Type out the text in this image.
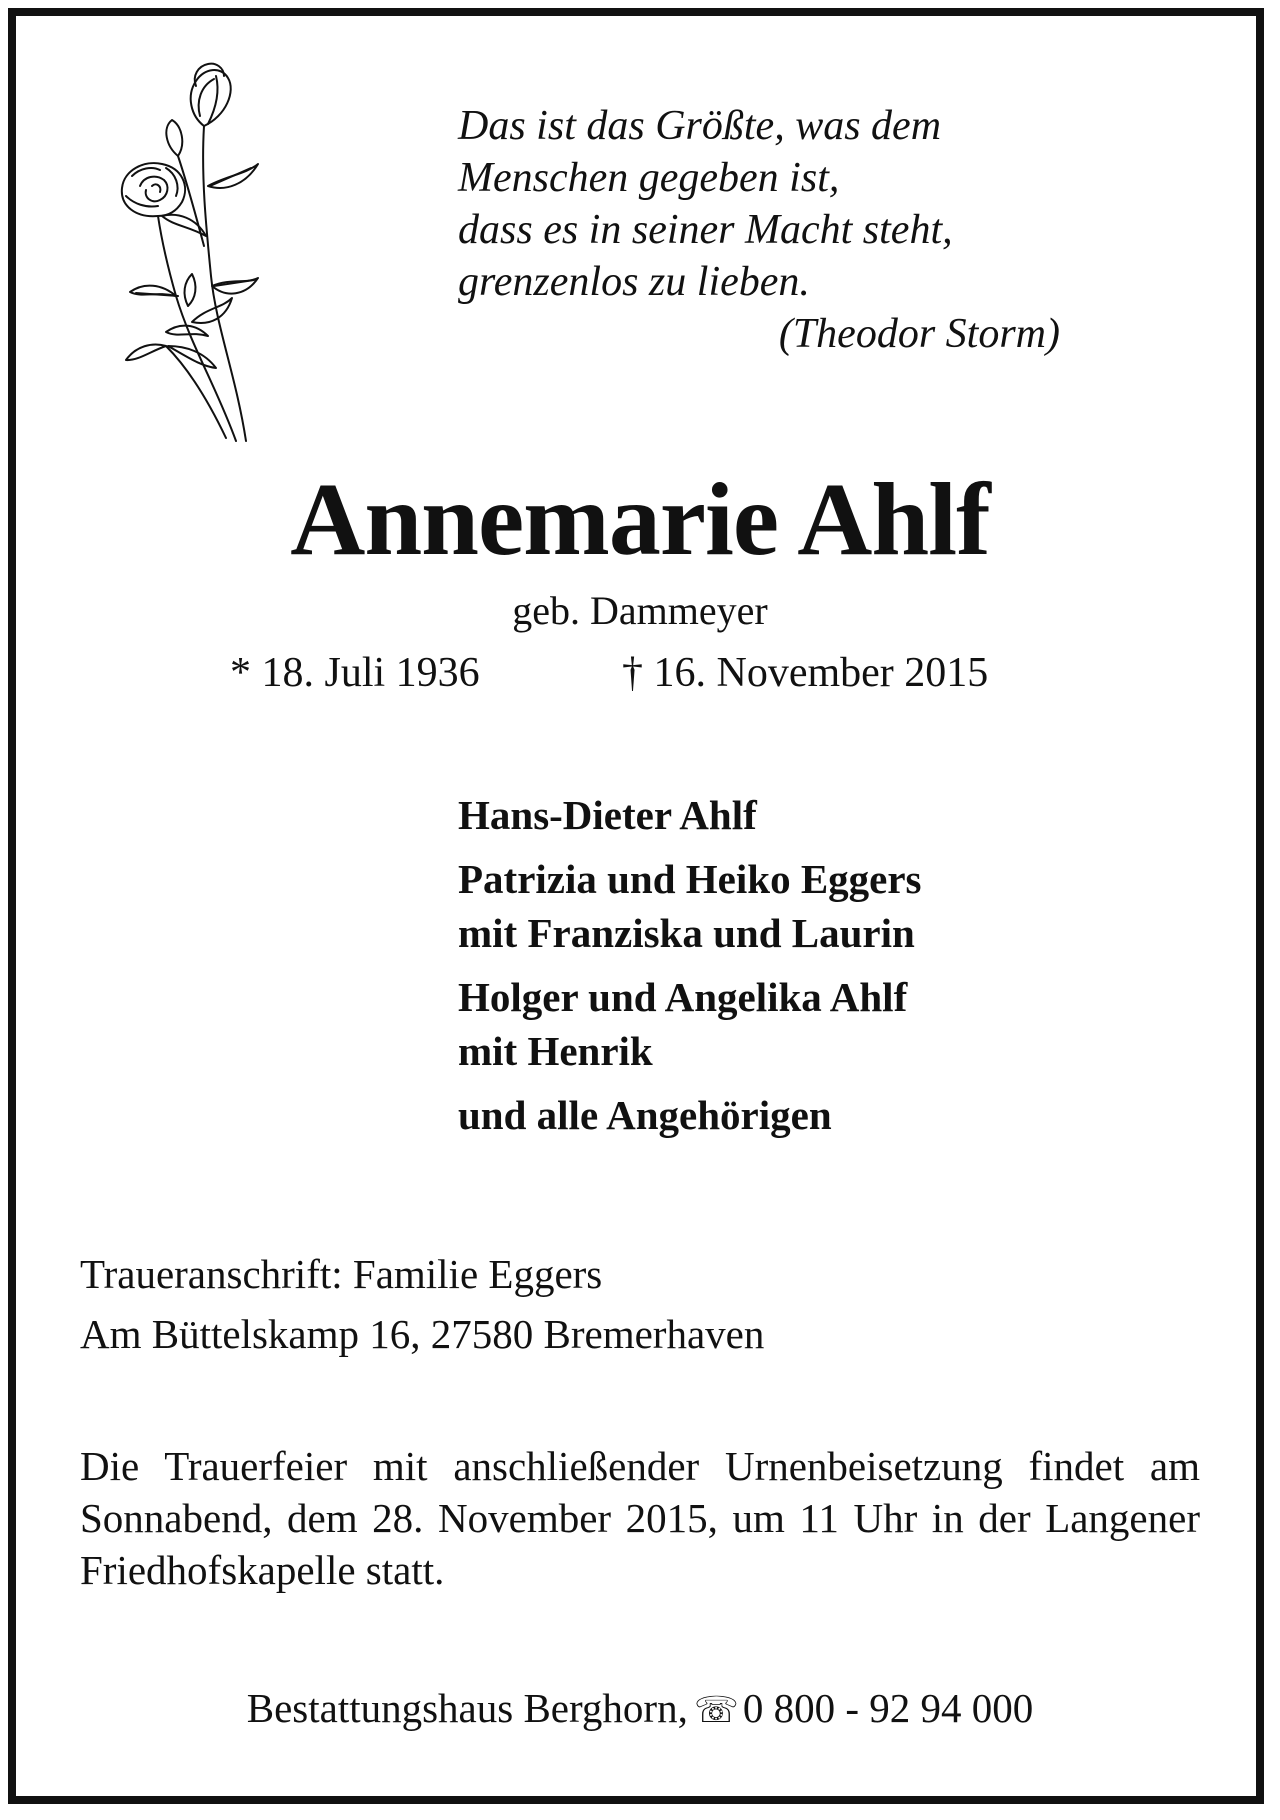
Das ist das Größte, was dem
Menschen gegeben ist,
dass es in seiner Macht steht,
grenzenlos zu lieben.
(Theodor Storm)
Annemarie Ahlf
geb. Dammeyer
* 18. Juli 1936	† 16. November 2015
Hans-Dieter Ahlf
Patrizia und Heiko Eggers
mit Franziska und Laurin
Holger und Angelika Ahlf
mit Henrik
und alle Angehörigen
Traueranschrift: Familie Eggers
Am Büttelskamp 16, 27580 Bremerhaven
Die Trauerfeier mit anschließender Urnenbeisetzung findet am Sonnabend, dem 28. November 2015, um 11 Uhr in der Langener Friedhofskapelle statt.
Bestattungshaus Berghorn, ☏0 800 - 92 94 000
